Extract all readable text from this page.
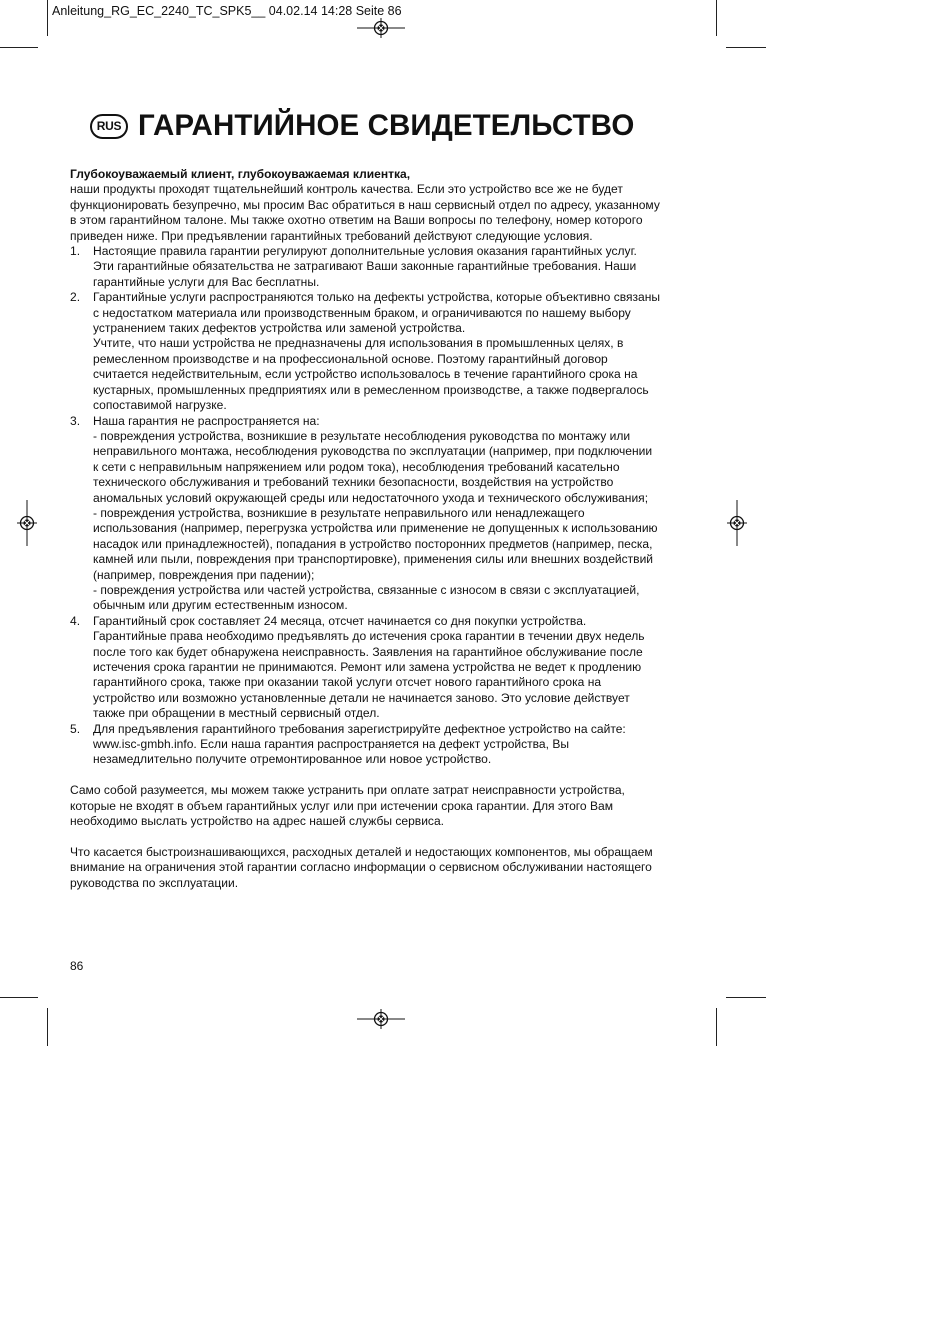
Anleitung_RG_EC_2240_TC_SPK5__ 04.02.14 14:28 Seite 86
RUS ГАРАНТИЙНОЕ СВИДЕТЕЛЬСТВО

Глубокоуважаемый клиент, глубокоуважаемая клиентка,

наши продукты проходят тщательнейший контроль качества. Если это устройство все же не будет
функционировать безупречно, мы просим Вас обратиться в наш сервисный отдел по адресу, указанному
в этом гарантийном талоне. Мы также охотно ответим на Ваши вопросы по телефону, номер которого
приведен ниже. При предъявлении гарантийных требований действуют следующие условия.

1. Настоящие правила гарантии регулируют дополнительные условия оказания гарантийных услуг.
Эти гарантийные обязательства не затрагивают Ваши законные гарантийные требования. Наши
гарантийные услуги для Вас бесплатны.
2. Гарантийные услуги распространяются только на дефекты устройства, которые объективно связаны
с недостатком материала или производственным браком, и ограничиваются по нашему выбору
устранением таких дефектов устройства или заменой устройства.
Учтите, что наши устройства не предназначены для использования в промышленных целях, в
ремесленном производстве и на профессиональной основе. Поэтому гарантийный договор
считается недействительным, если устройство использовалось в течение гарантийного срока на
кустарных, промышленных предприятиях или в ремесленном производстве, а также подвергалось
сопоставимой нагрузке.
3. Наша гарантия не распространяется на:
- повреждения устройства, возникшие в результате несоблюдения руководства по монтажу или
неправильного монтажа, несоблюдения руководства по эксплуатации (например, при подключении
к сети с неправильным напряжением или родом тока), несоблюдения требований касательно
технического обслуживания и требований техники безопасности, воздействия на устройство
аномальных условий окружающей среды или недостаточного ухода и технического обслуживания;
- повреждения устройства, возникшие в результате неправильного или ненадлежащего
использования (например, перегрузка устройства или применение не допущенных к использованию
насадок или принадлежностей), попадания в устройство посторонних предметов (например, песка,
камней или пыли, повреждения при транспортировке), применения силы или внешних воздействий
(например, повреждения при падении);
- повреждения устройства или частей устройства, связанные с износом в связи с эксплуатацией,
обычным или другим естественным износом.
4. Гарантийный срок составляет 24 месяца, отсчет начинается со дня покупки устройства.
Гарантийные права необходимо предъявлять до истечения срока гарантии в течении двух недель
после того как будет обнаружена неисправность. Заявления на гарантийное обслуживание после
истечения срока гарантии не принимаются. Ремонт или замена устройства не ведет к продлению
гарантийного срока, также при оказании такой услуги отсчет нового гарантийного срока на
устройство или возможно установленные детали не начинается заново. Это условие действует
также при обращении в местный сервисный отдел.
5. Для предъявления гарантийного требования зарегистрируйте дефектное устройство на сайте:
www.isc-gmbh.info. Если наша гарантия распространяется на дефект устройства, Вы
незамедлительно получите отремонтированное или новое устройство.

Само собой разумеется, мы можем также устранить при оплате затрат неисправности устройства,
которые не входят в объем гарантийных услуг или при истечении срока гарантии. Для этого Вам
необходимо выслать устройство на адрес нашей службы сервиса.

Что касается быстроизнашивающихся, расходных деталей и недостающих компонентов, мы обращаем
внимание на ограничения этой гарантии согласно информации о сервисном обслуживании настоящего
руководства по эксплуатации.

86
